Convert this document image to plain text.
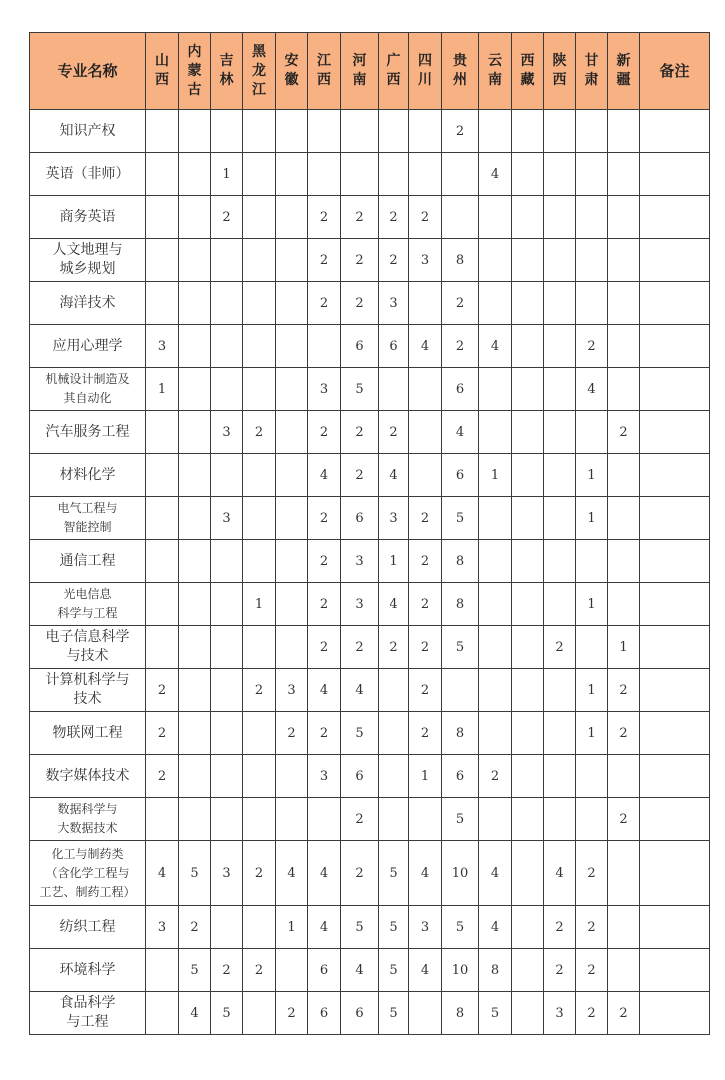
专业名称	山西	内蒙古	吉林	黑龙江	安徽	江西	河南	广西	四川	贵州	云南	西藏	陕西	甘肃	新疆	备注
知识产权										2						
英语（非师）			1								4					
商务英语			2			2	2	2	2							
人文地理与
城乡规划						2	2	2	3	8						
海洋技术						2	2	3		2						
应用心理学	3						6	6	4	2	4			2		
机械设计制造及
其自动化	1					3	5			6				4		
汽车服务工程			3	2		2	2	2		4					2	
材料化学						4	2	4		6	1			1		
电气工程与
智能控制			3			2	6	3	2	5				1		
通信工程						2	3	1	2	8						
光电信息
科学与工程				1		2	3	4	2	8				1		
电子信息科学
与技术						2	2	2	2	5			2		1	
计算机科学与
技术	2			2	3	4	4		2					1	2	
物联网工程	2				2	2	5		2	8				1	2	
数字媒体技术	2					3	6		1	6	2					
数据科学与
大数据技术							2			5					2	
化工与制药类
（含化学工程与
工艺、制药工程）	4	5	3	2	4	4	2	5	4	10	4		4	2		
纺织工程	3	2			1	4	5	5	3	5	4		2	2		
环境科学		5	2	2		6	4	5	4	10	8		2	2		
食品科学
与工程		4	5		2	6	6	5		8	5		3	2	2	
